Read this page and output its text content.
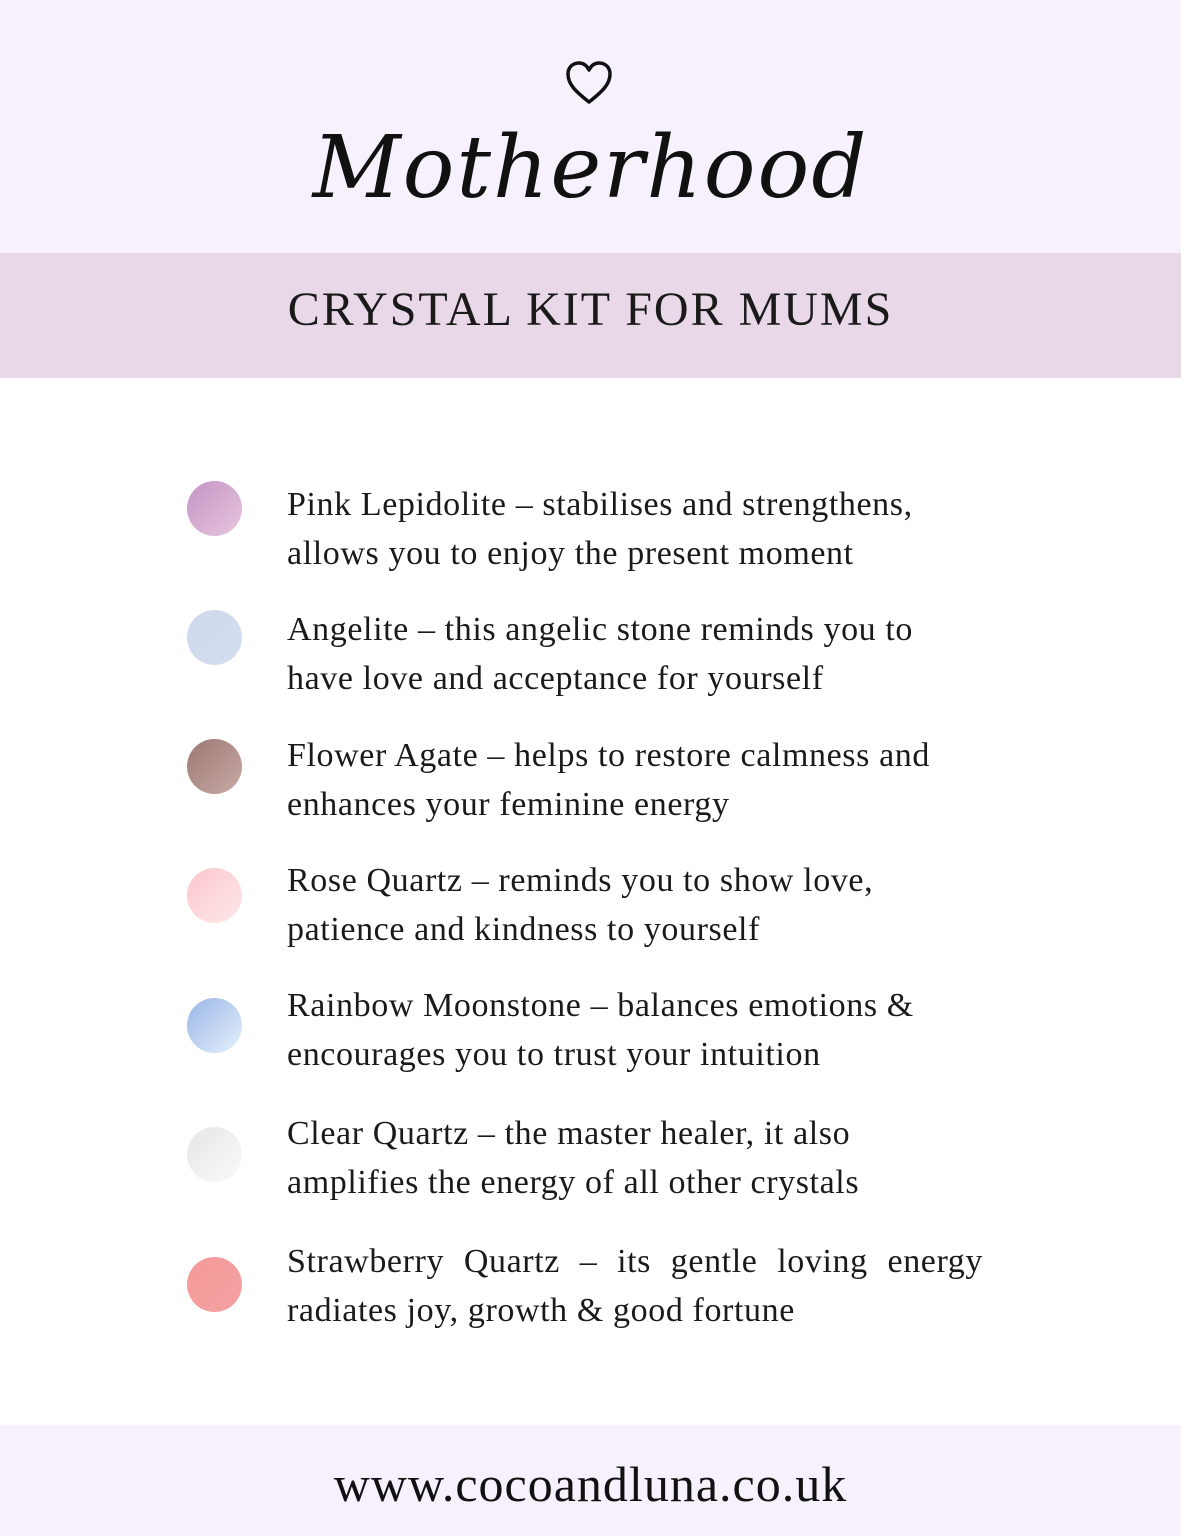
Motherhood
CRYSTAL KIT FOR MUMS
Pink Lepidolite – stabilises and strengthens, allows you to enjoy the present moment
Angelite – this angelic stone reminds you to have love and acceptance for yourself
Flower Agate – helps to restore calmness and enhances your feminine energy
Rose Quartz – reminds you to show love, patience and kindness to yourself
Rainbow Moonstone – balances emotions & encourages you to trust your intuition
Clear Quartz – the master healer, it also amplifies the energy of all other crystals
Strawberry Quartz – its gentle loving energy radiates joy, growth & good fortune
www.cocoandluna.co.uk
